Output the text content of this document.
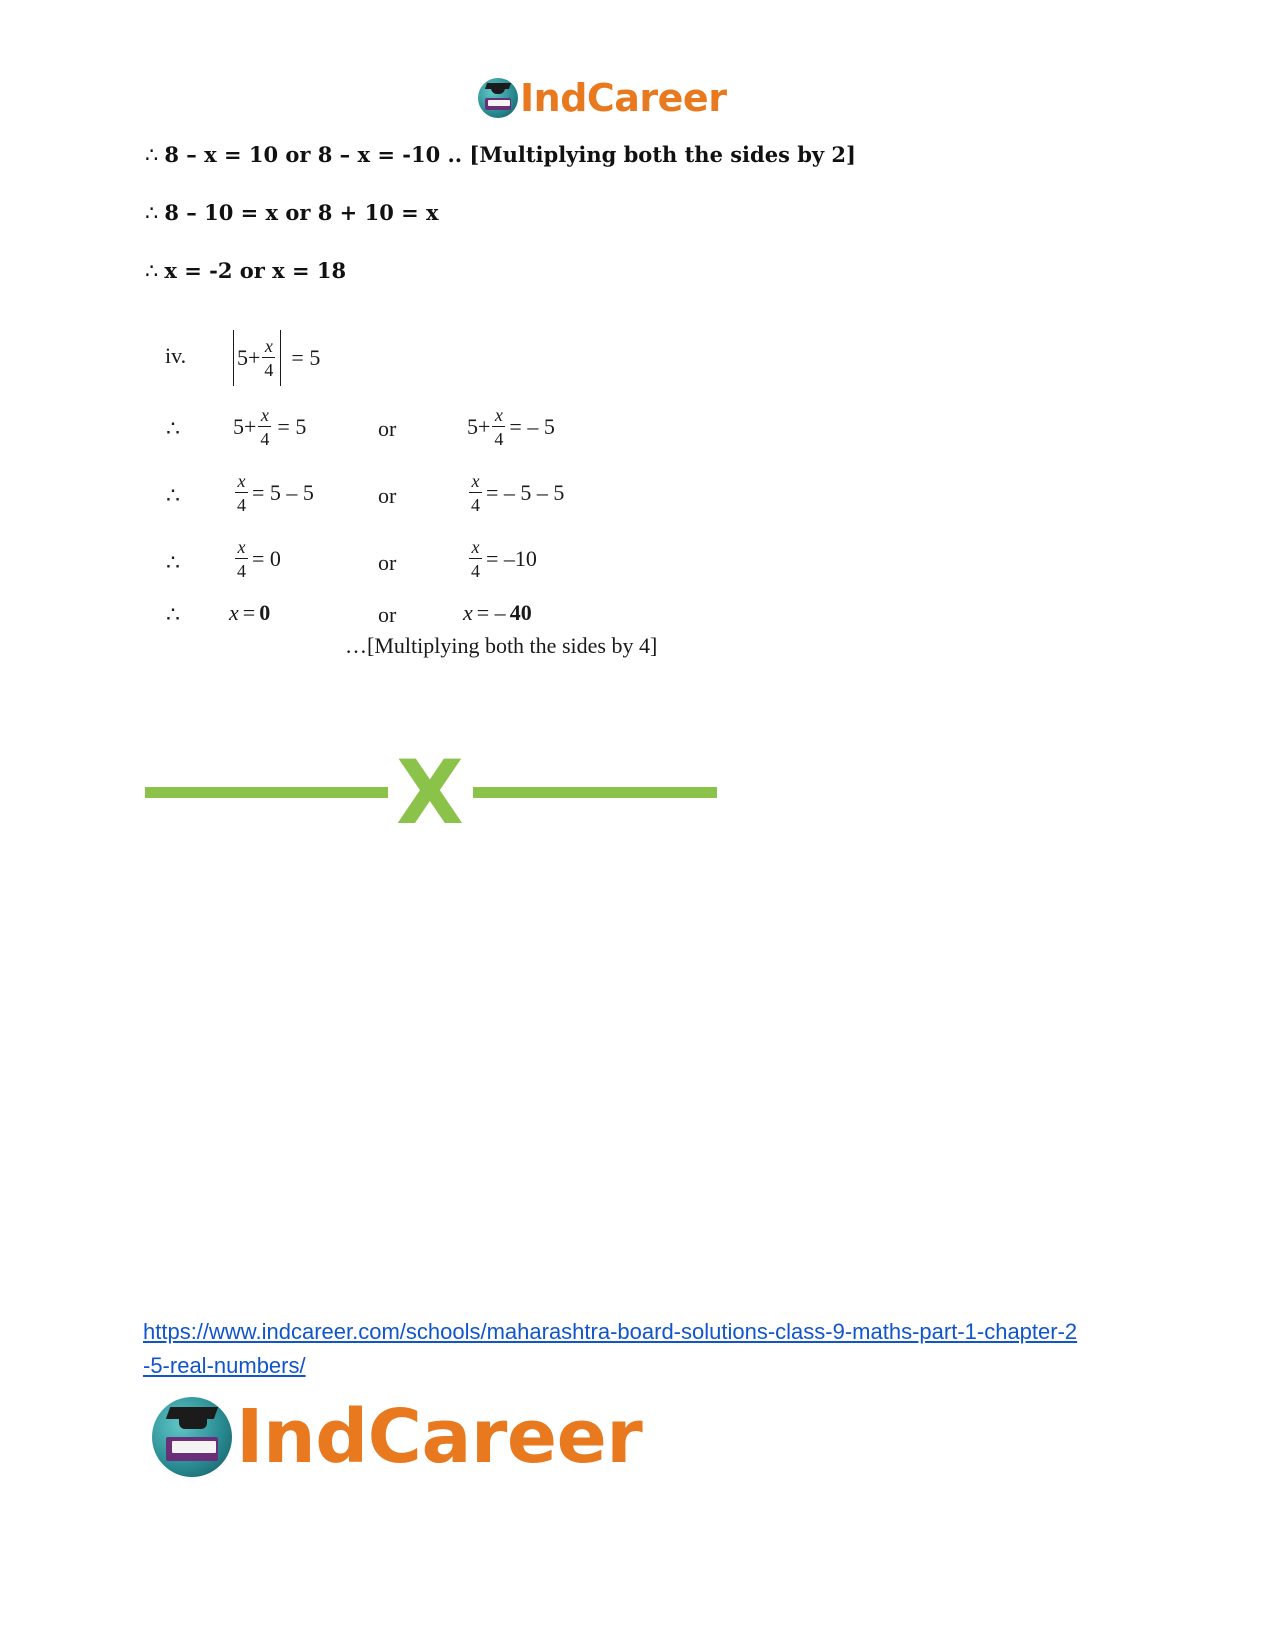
IndCareer
∴ 8 – x = 10 or 8 – x = -10 .. [Multiplying both the sides by 2]
∴ 8 – 10 = x or 8 + 10 = x
∴ x = -2 or x = 18
iv. $5 + \frac{x}{4} = 5$
∴ $5 + \frac{x}{4} = 5$	or	$5 + \frac{x}{4}$ = – 5
∴	$\frac{x}{4} = 5 - 5$	or	$\frac{x}{4}$ = – 5 – 5
∴	$\frac{x}{4} = 0$	or	$\frac{x}{4} = -10$
∴ x = 0	or	x = – 40
…[Multiplying both the sides by 4]
X
https://www.indcareer.com/schools/maharashtra-board-solutions-class-9-maths-part-1-chapter-2
-5-real-numbers/
IndCareer
